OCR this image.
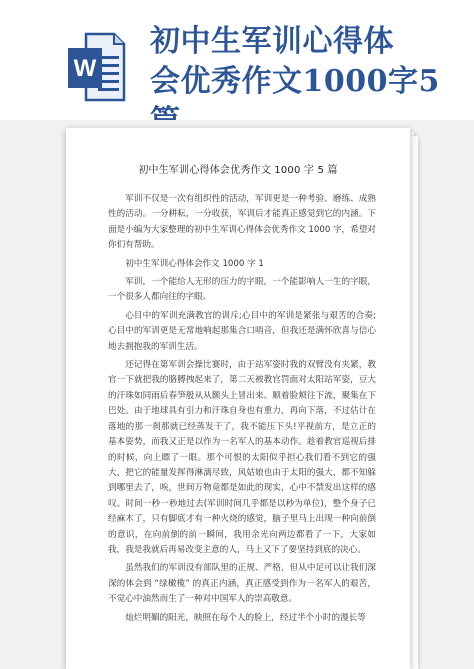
W
初中生军训心得体
会优秀作文1000字5
初中生军训心得体会优秀作文 1000 字 5 篇

军训不仅是一次有组织性的活动，军训更是一种考验、磨练、成熟性的活动。一分耕耘，一分收获，军训后才能真正感觉到它的内涵。下面是小编为大家整理的初中生军训心得体会优秀作文 1000 字，希望对你们有帮助。

初中生军训心得体会作文 1000 字 1

军训，一个能给人无形的压力的字眼，一个能影响人一生的字眼，一个很多人都向往的字眼。

心目中的军训充满教官的训斥;心目中的军训是紧张与艰苦的合奏;心目中的军训更是无常地响起那集合口哨音，但我还是满怀欣喜与信心地去拥抱我的军训生活。

还记得在第军训会操比赛时，由于站军姿时我的双臂没有夹紧，教官一下就把我的胳膊拽起来了，第二天被教官罚面对太阳站军姿，豆大的汗珠如同雨后春笋般从从额头上冒出来。顺着脸颊往下流，聚集在下巴处。由于地球具有引力和汗珠自身也有重力，再向下落，不过估计在落地的那一刹那就已经蒸发干了，我不能压下头!平视前方，是立正的基本姿势，而我又正是以作为一名军人的基本动作。趁着教官巡视后排的时候，向上瞟了一眼。那个可恨的太阳似乎担心我们看不到它的强大，把它的能量发挥得淋漓尽致，风姑娘也由于太阳的强大，都不知躲到哪里去了，唉，世间万物竟都是如此的现实，心中不禁发出这样的感叹。时间一秒一秒地过去(军训时间几乎都是以秒为单位)，整个身子已经麻木了，只有脚底才有一种火烧的感觉，脑子里马上出现一种向前倒的意识，在向前倒的前一瞬间，我用余光向两边都看了一下，大家如我，我是我就后再易改变主意的人，马上又下了要坚持到底的决心。

虽然我们的军训没有部队里的正规、严格，但从中足可以让我们深深的体会到 “绿橄榄” 的真正内涵，真正感受到作为一名军人的艰苦，不觉心中油然而生了一种对中国军人的崇高敬意。

灿烂明媚的阳光，映照在每个人的脸上，经过半个小时的漫长等
